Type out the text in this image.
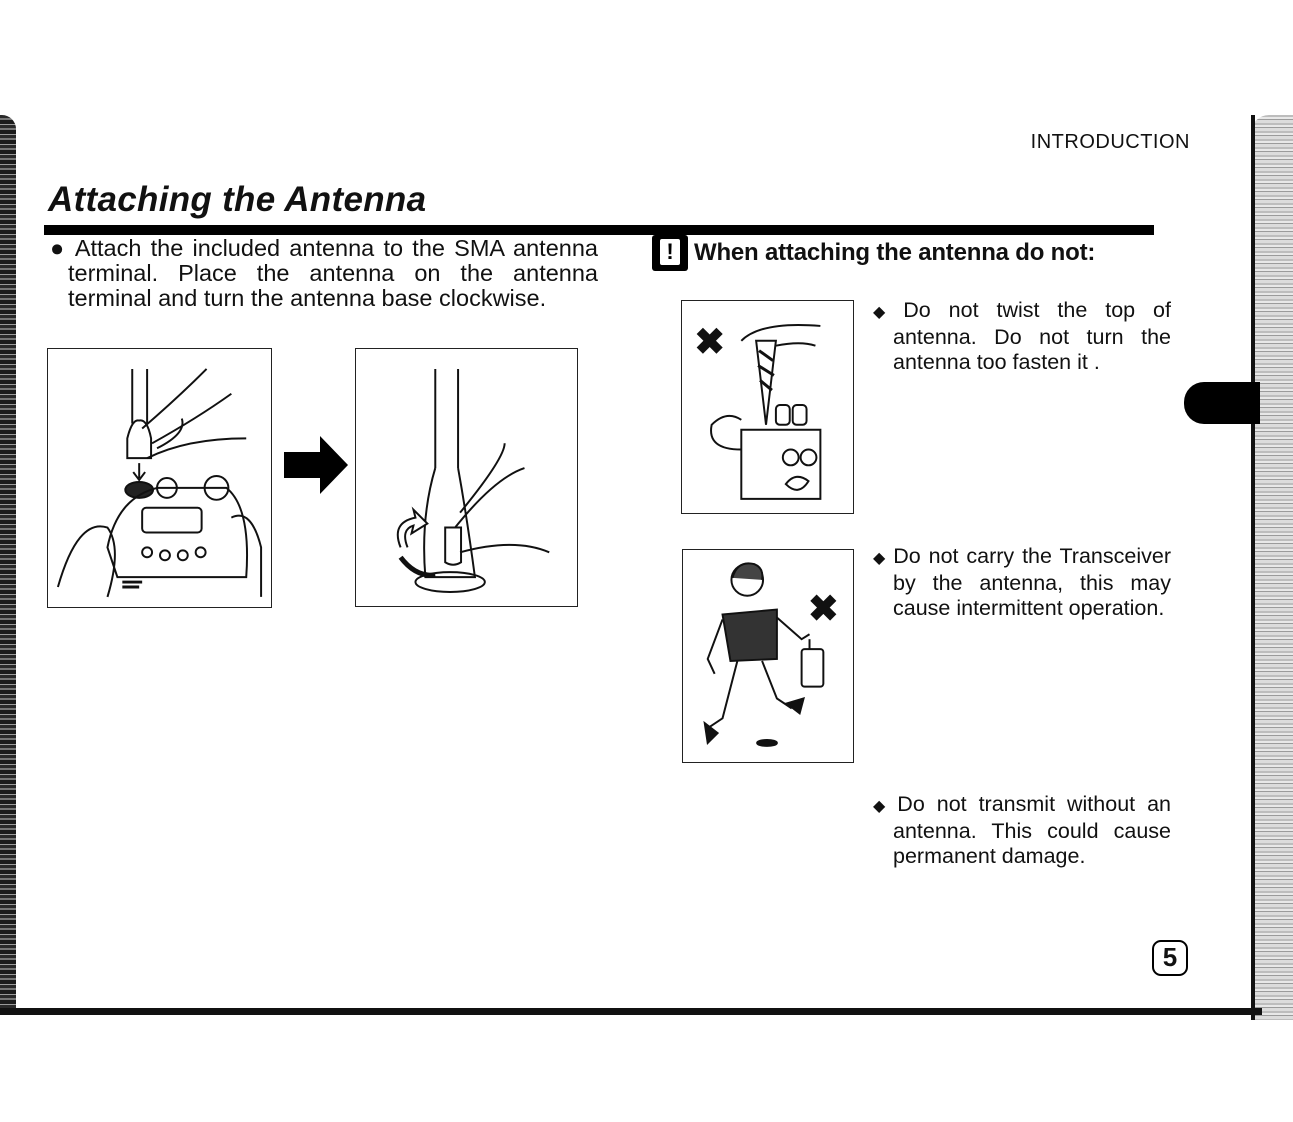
INTRODUCTION
Attaching the Antenna
● Attach the included antenna to the SMA antenna terminal. Place the antenna on the antenna terminal and turn the antenna base clockwise.
!
When attaching the antenna do not:
◆ Do not twist the top of antenna. Do not turn the antenna too fasten it .
◆ Do not carry the Transceiver by the antenna, this may cause intermittent operation.
◆ Do not transmit without an antenna. This could cause permanent damage.
5
